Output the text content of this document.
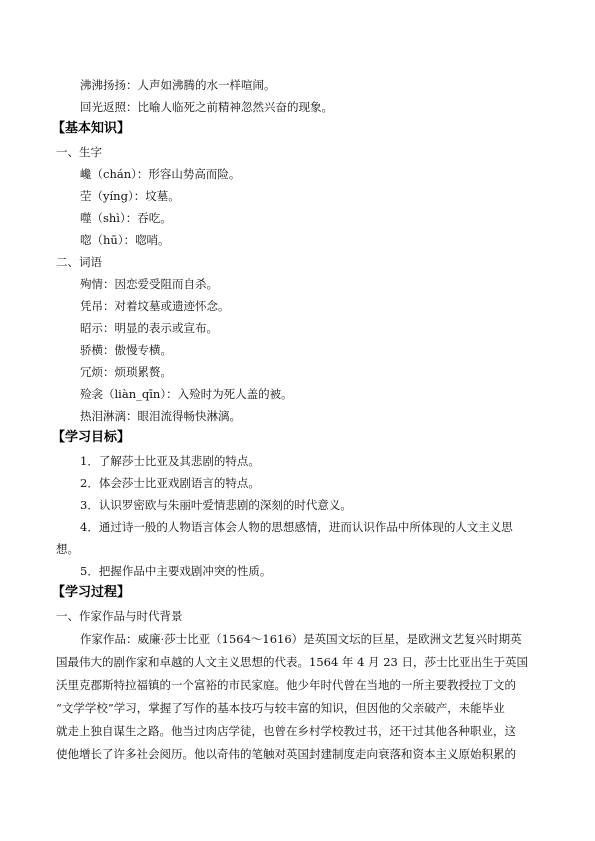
沸沸扬扬：人声如沸腾的水一样喧闹。
回光返照：比喻人临死之前精神忽然兴奋的现象。
【基本知识】
一、生字
巉（chán）：形容山势高而险。
茔（yíng）：坟墓。
噬（shì）：吞吃。
唿（hū）：唿哨。
二、词语
殉情：因恋爱受阻而自杀。
凭吊：对着坟墓或遗迹怀念。
昭示：明显的表示或宣布。
骄横：傲慢专横。
冗烦：烦琐累赘。
殓衾（liàn_qīn）：入殓时为死人盖的被。
热泪淋漓：眼泪流得畅快淋漓。
【学习目标】
1．了解莎士比亚及其悲剧的特点。
2．体会莎士比亚戏剧语言的特点。
3．认识罗密欧与朱丽叶爱情悲剧的深刻的时代意义。
4．通过诗一般的人物语言体会人物的思想感情，进而认识作品中所体现的人文主义思
想。
5．把握作品中主要戏剧冲突的性质。
【学习过程】
一、作家作品与时代背景
作家作品：威廉·莎士比亚（1564～1616）是英国文坛的巨星，是欧洲文艺复兴时期英
国最伟大的剧作家和卓越的人文主义思想的代表。1564 年 4 月 23 日，莎士比亚出生于英国
沃里克郡斯特拉福镇的一个富裕的市民家庭。他少年时代曾在当地的一所主要教授拉丁文的
“文学学校”学习，掌握了写作的基本技巧与较丰富的知识，但因他的父亲破产，未能毕业
就走上独自谋生之路。他当过肉店学徒，也曾在乡村学校教过书，还干过其他各种职业，这
使他增长了许多社会阅历。他以奇伟的笔触对英国封建制度走向衰落和资本主义原始积累的
